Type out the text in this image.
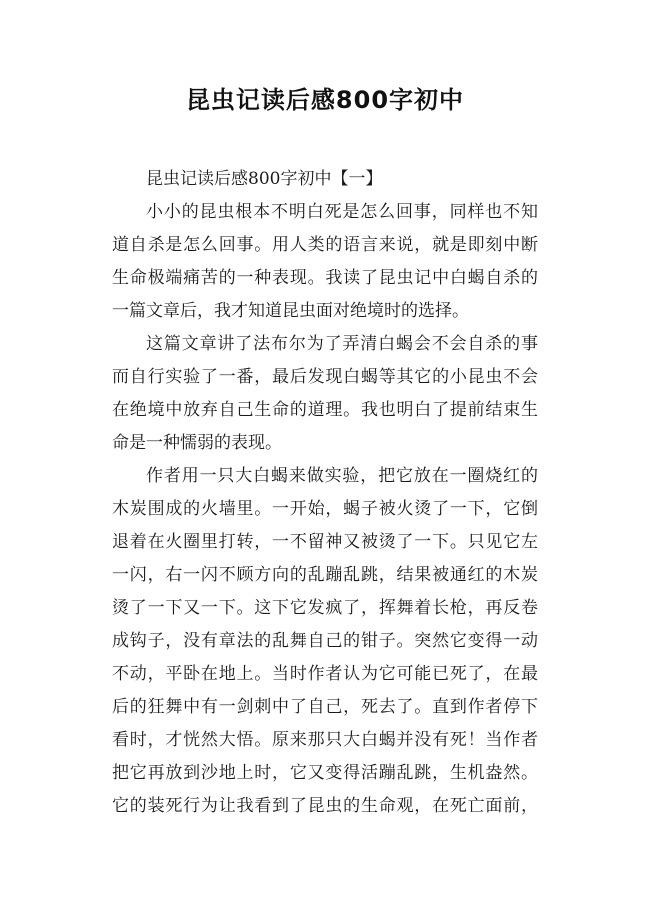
昆虫记读后感800字初中
昆虫记读后感800字初中【一】
小小的昆虫根本不明白死是怎么回事，同样也不知
道自杀是怎么回事。用人类的语言来说，就是即刻中断
生命极端痛苦的一种表现。我读了昆虫记中白蝎自杀的
一篇文章后，我才知道昆虫面对绝境时的选择。
这篇文章讲了法布尔为了弄清白蝎会不会自杀的事
而自行实验了一番，最后发现白蝎等其它的小昆虫不会
在绝境中放弃自己生命的道理。我也明白了提前结束生
命是一种懦弱的表现。
作者用一只大白蝎来做实验，把它放在一圈烧红的
木炭围成的火墙里。一开始，蝎子被火烫了一下，它倒
退着在火圈里打转，一不留神又被烫了一下。只见它左
一闪，右一闪不顾方向的乱蹦乱跳，结果被通红的木炭
烫了一下又一下。这下它发疯了，挥舞着长枪，再反卷
成钩子，没有章法的乱舞自己的钳子。突然它变得一动
不动，平卧在地上。当时作者认为它可能已死了，在最
后的狂舞中有一剑刺中了自己，死去了。直到作者停下
看时，才恍然大悟。原来那只大白蝎并没有死！当作者
把它再放到沙地上时，它又变得活蹦乱跳，生机盎然。
它的装死行为让我看到了昆虫的生命观，在死亡面前，
